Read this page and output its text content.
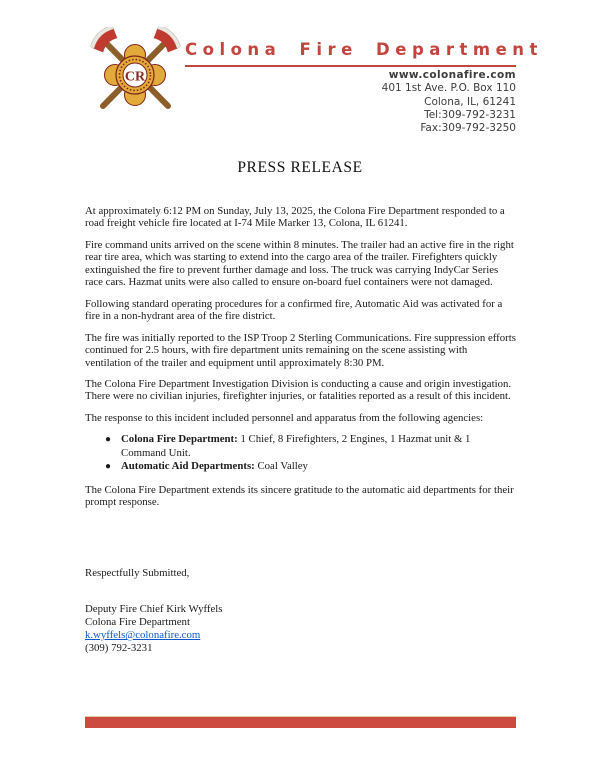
CR
Colona Fire Department
www.colonafire.com
401 1st Ave. P.O. Box 110
Colona, IL, 61241
Tel:309-792-3231
Fax:309-792-3250
PRESS RELEASE

At approximately 6:12 PM on Sunday, July 13, 2025, the Colona Fire Department responded to a road freight vehicle fire located at I-74 Mile Marker 13, Colona, IL 61241.

Fire command units arrived on the scene within 8 minutes. The trailer had an active fire in the right rear tire area, which was starting to extend into the cargo area of the trailer. Firefighters quickly extinguished the fire to prevent further damage and loss. The truck was carrying IndyCar Series race cars. Hazmat units were also called to ensure on-board fuel containers were not damaged.

Following standard operating procedures for a confirmed fire, Automatic Aid was activated for a fire in a non-hydrant area of the fire district.

The fire was initially reported to the ISP Troop 2 Sterling Communications. Fire suppression efforts continued for 2.5 hours, with fire department units remaining on the scene assisting with ventilation of the trailer and equipment until approximately 8:30 PM.

The Colona Fire Department Investigation Division is conducting a cause and origin investigation. There were no civilian injuries, firefighter injuries, or fatalities reported as a result of this incident.

The response to this incident included personnel and apparatus from the following agencies:

● Colona Fire Department: 1 Chief, 8 Firefighters, 2 Engines, 1 Hazmat unit & 1 Command Unit.
● Automatic Aid Departments: Coal Valley

The Colona Fire Department extends its sincere gratitude to the automatic aid departments for their prompt response.

Respectfully Submitted,

Deputy Fire Chief Kirk Wyffels
Colona Fire Department
k.wyffels@colonafire.com
(309) 792-3231
